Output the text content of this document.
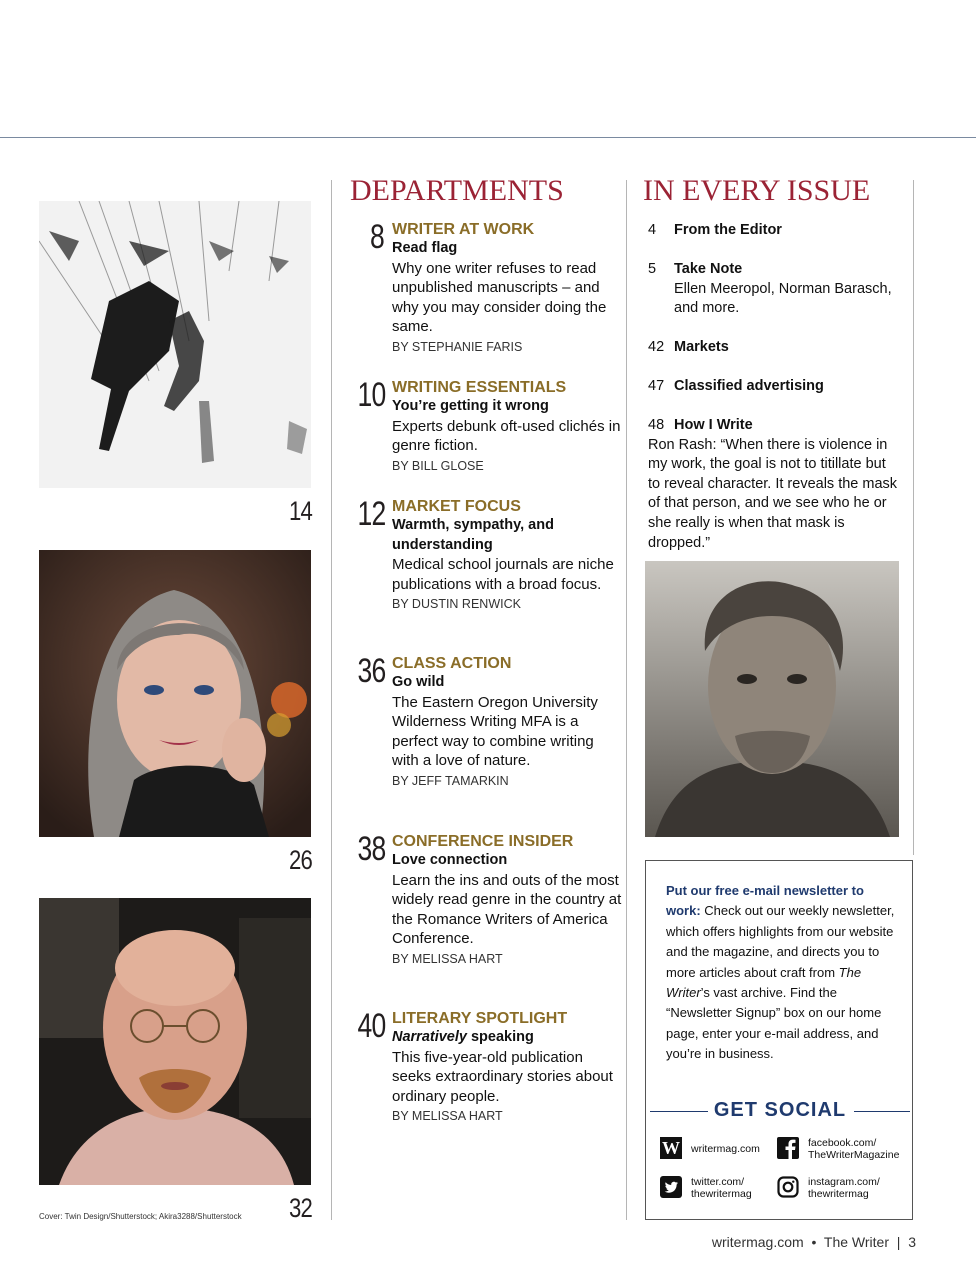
14
26
32
Cover: Twin Design/Shutterstock; Akira3288/Shutterstock
DEPARTMENTS
8 WRITER AT WORK
Read flag
Why one writer refuses to read unpublished manuscripts – and why you may consider doing the same.
BY STEPHANIE FARIS
10 WRITING ESSENTIALS
You’re getting it wrong
Experts debunk oft-used clichés in genre fiction.
BY BILL GLOSE
12 MARKET FOCUS
Warmth, sympathy, and understanding
Medical school journals are niche publications with a broad focus.
BY DUSTIN RENWICK
36 CLASS ACTION
Go wild
The Eastern Oregon University Wilderness Writing MFA is a perfect way to combine writing with a love of nature.
BY JEFF TAMARKIN
38 CONFERENCE INSIDER
Love connection
Learn the ins and outs of the most widely read genre in the country at the Romance Writers of America Conference.
BY MELISSA HART
40 LITERARY SPOTLIGHT
Narratively speaking
This five-year-old publication seeks extraordinary stories about ordinary people.
BY MELISSA HART
IN EVERY ISSUE
4 From the Editor
5 Take Note
Ellen Meeropol, Norman Barasch, and more.
42 Markets
47 Classified advertising
48 How I Write
Ron Rash: “When there is violence in my work, the goal is not to titillate but to reveal character. It reveals the mask of that person, and we see who he or she really is when that mask is dropped.”
Put our free e-mail newsletter to work: Check out our weekly newsletter, which offers highlights from our website and the magazine, and directs you to more articles about craft from The Writer’s vast archive. Find the “Newsletter Signup” box on our home page, enter your e-mail address, and you’re in business.
GET SOCIAL
W writermag.com	facebook.com/
TheWriterMagazine
twitter.com/
thewritermag
instagram.com/
thewritermag
writermag.com • The Writer | 3
